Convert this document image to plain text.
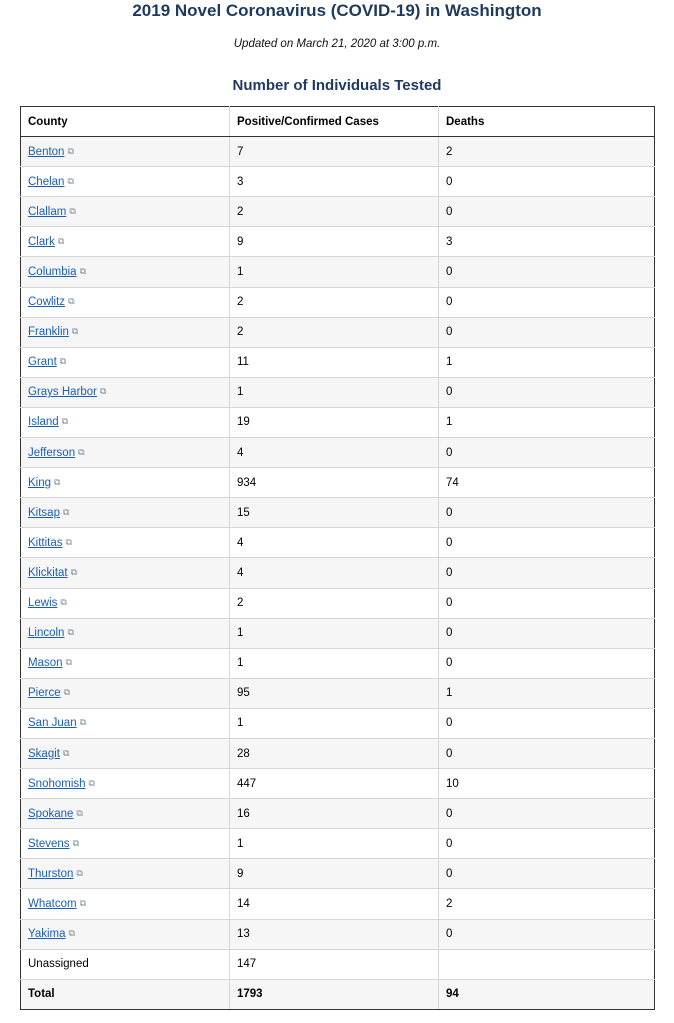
2019 Novel Coronavirus (COVID-19) in Washington

Updated on March 21, 2020 at 3:00 p.m.

Number of Individuals Tested
County	Positive/Confirmed Cases	Deaths
Benton ⧉	7	2
Chelan ⧉	3	0
Clallam ⧉	2	0
Clark ⧉	9	3
Columbia ⧉	1	0
Cowlitz ⧉	2	0
Franklin ⧉	2	0
Grant ⧉	11	1
Grays Harbor ⧉	1	0
Island ⧉	19	1
Jefferson ⧉	4	0
King ⧉	934	74
Kitsap ⧉	15	0
Kittitas ⧉	4	0
Klickitat ⧉	4	0
Lewis ⧉	2	0
Lincoln ⧉	1	0
Mason ⧉	1	0
Pierce ⧉	95	1
San Juan ⧉	1	0
Skagit ⧉	28	0
Snohomish ⧉	447	10
Spokane ⧉	16	0
Stevens ⧉	1	0
Thurston ⧉	9	0
Whatcom ⧉	14	2
Yakima ⧉	13	0
Unassigned	147	
Total	1793	94
